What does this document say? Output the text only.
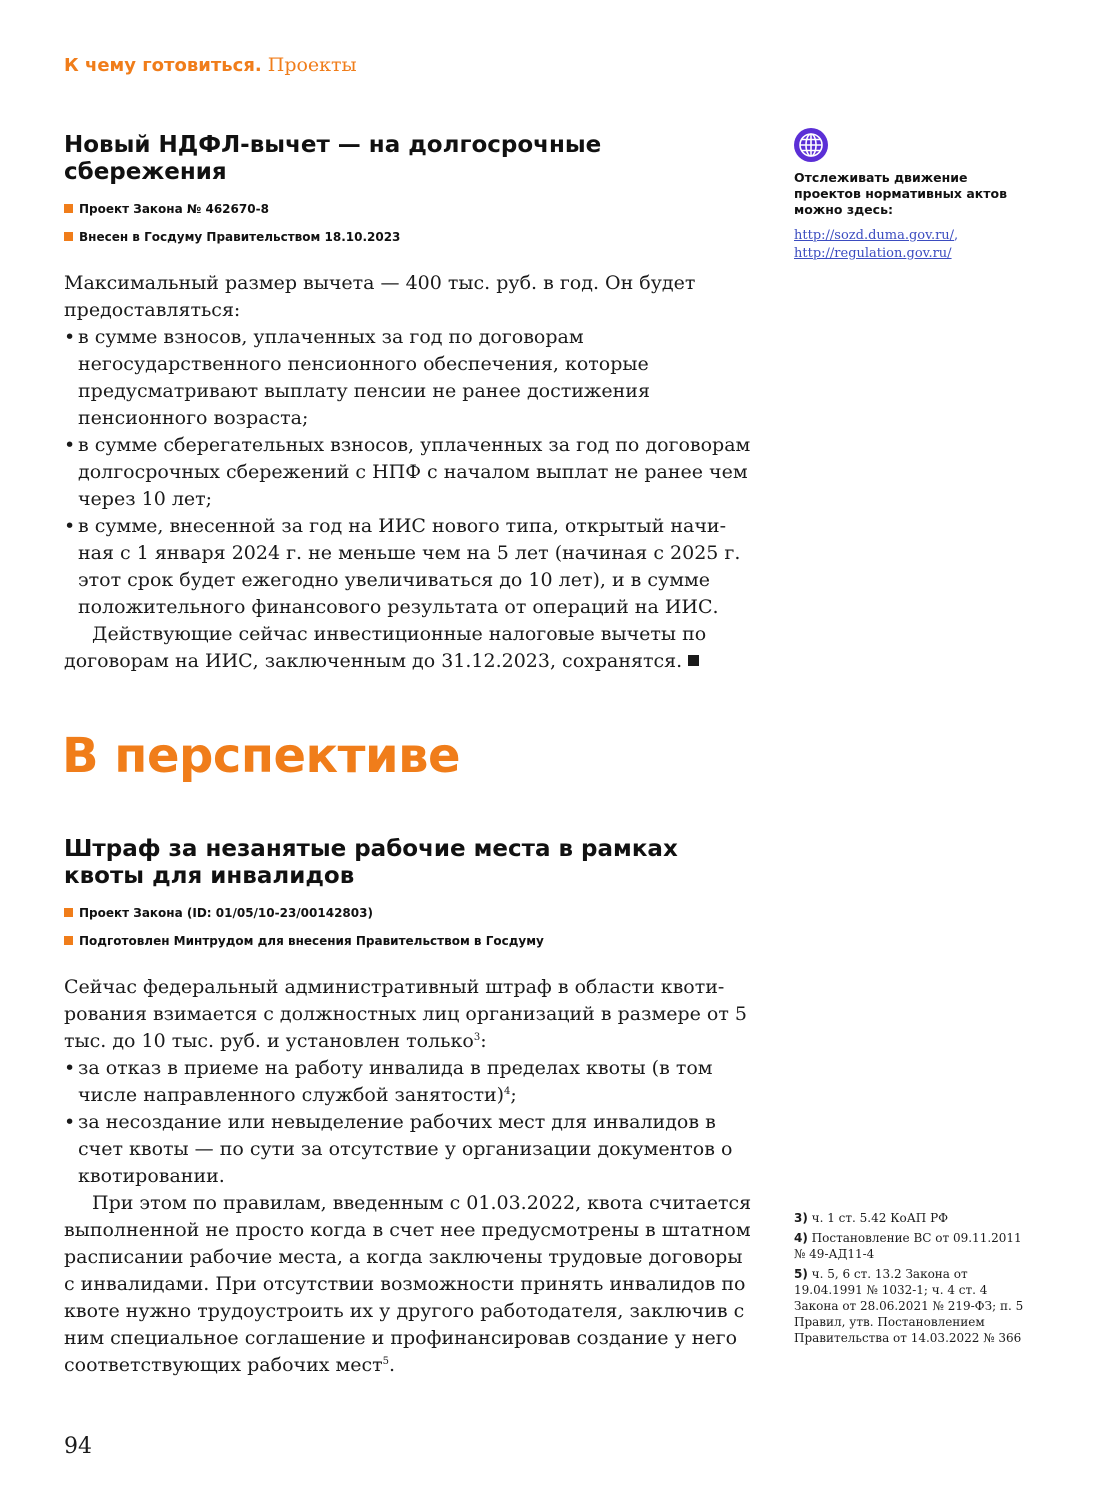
К чему готовиться. Проекты
Новый НДФЛ-вычет — на долгосрочные сбережения
Проект Закона № 462670-8
Внесен в Госдуму Правительством 18.10.2023

Максимальный размер вычета — 400 тыс. руб. в год. Он будет предоставляться:

• в сумме взносов, уплаченных за год по договорам негосударственного пенсионного обеспечения, которые предусматривают выплату пенсии не ранее достижения пенсионного возраста;
• в сумме сберегательных взносов, уплаченных за год по договорам долгосрочных сбережений с НПФ с началом выплат не ранее чем через 10 лет;
• в сумме, внесенной за год на ИИС нового типа, открытый начиная с 1 января 2024 г. не меньше чем на 5 лет (начиная с 2025 г. этот срок будет ежегодно увеличиваться до 10 лет), и в сумме положительного финансового результата от операций на ИИС.

Действующие сейчас инвестиционные налоговые вычеты по договорам на ИИС, заключенным до 31.12.2023, сохранятся.

Отслеживать движение проектов нормативных актов можно здесь:
http://sozd.duma.gov.ru/,
http://regulation.gov.ru/
В перспективе
Штраф за незанятые рабочие места в рамках квоты для инвалидов
Проект Закона (ID: 01/05/10-23/00142803)
Подготовлен Минтрудом для внесения Правительством в Госдуму

Сейчас федеральный административный штраф в области квотирования взимается с должностных лиц организаций в размере от 5 тыс. до 10 тыс. руб. и установлен только$^3$:

• за отказ в приеме на работу инвалида в пределах квоты (в том числе направленного службой занятости)$^4$;
• за несоздание или невыделение рабочих мест для инвалидов в счет квоты — по сути за отсутствие у организации документов о квотировании.

При этом по правилам, введенным с 01.03.2022, квота считается выполненной не просто когда в счет нее предусмотрены в штатном расписании рабочие места, а когда заключены трудовые договоры с инвалидами. При отсутствии возможности принять инвалидов по квоте нужно трудоустроить их у другого работодателя, заключив с ним специальное соглашение и профинансировав создание у него соответствующих рабочих мест$^5$.

3) ч. 1 ст. 5.42 КоАП РФ

4) Постановление ВС от 09.11.2011 № 49-АД11-4

5) ч. 5, 6 ст. 13.2 Закона от 19.04.1991 № 1032-1; ч. 4 ст. 4 Закона от 28.06.2021 № 219-ФЗ; п. 5 Правил, утв. Постановлением Правительства от 14.03.2022 № 366

94
